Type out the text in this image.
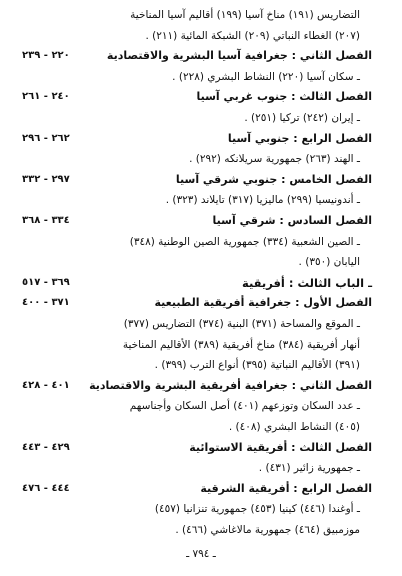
التضاريس (١٩١) مناخ آسيا (١٩٩) أقاليم آسيا المناخية
(٢٠٧) الغطاء النباتي (٢٠٩) الشبكة المائية (٢١١) .
الفصل الثاني : جغرافية آسيا البشرية والاقتصادية
٢٢٠ - ٢٣٩
ـ سكان آسيا (٢٢٠) النشاط البشري (٢٢٨) .
الفصل الثالث : جنوب غربي آسيا
٢٤٠ - ٢٦١
ـ إيران (٢٤٢) تركيا (٢٥١) .
الفصل الرابع : جنوبي آسيا
٢٦٢ - ٢٩٦
ـ الهند (٢٦٣) جمهورية سريلانكه (٢٩٢) .
الفصل الخامس : جنوبي شرقي آسيا
٢٩٧ - ٣٣٢
ـ أندونيسيا (٢٩٩) ماليزيا (٣١٧) تايلاند (٣٢٣) .
الفصل السادس : شرقي آسيا
٣٣٤ - ٣٦٨
ـ الصين الشعبية (٣٣٤) جمهورية الصين الوطنية (٣٤٨)
اليابان (٣٥٠) .
ـ الباب الثالث : أفريقية
٣٦٩ - ٥١٧
الفصل الأول : جغرافية أفريقية الطبيعية
٣٧١ - ٤٠٠
ـ الموقع والمساحة (٣٧١) البنية (٣٧٤) التضاريس (٣٧٧)
أنهار أفريقية (٣٨٤) مناخ أفريقية (٣٨٩) الأقاليم المناخية
(٣٩١) الأقاليم النباتية (٣٩٥) أنواع الترب (٣٩٩) .
الفصل الثاني : جغرافية أفريقية البشرية والاقتصادية
٤٠١ - ٤٢٨
ـ عدد السكان وتوزعهم (٤٠١) أصل السكان وأجناسهم
(٤٠٥) النشاط البشري (٤٠٨) .
الفصل الثالث : أفريقية الاستوائية
٤٢٩ - ٤٤٣
ـ جمهورية زائير (٤٣١) .
الفصل الرابع : أفريقية الشرقية
٤٤٤ - ٤٧٦
ـ أوغندا (٤٤٦) كينيا (٤٥٣) جمهورية تنزانيا (٤٥٧)
موزمبيق (٤٦٤) جمهورية مالاغاشي (٤٦٦) .
ـ ٧٩٤ ـ
